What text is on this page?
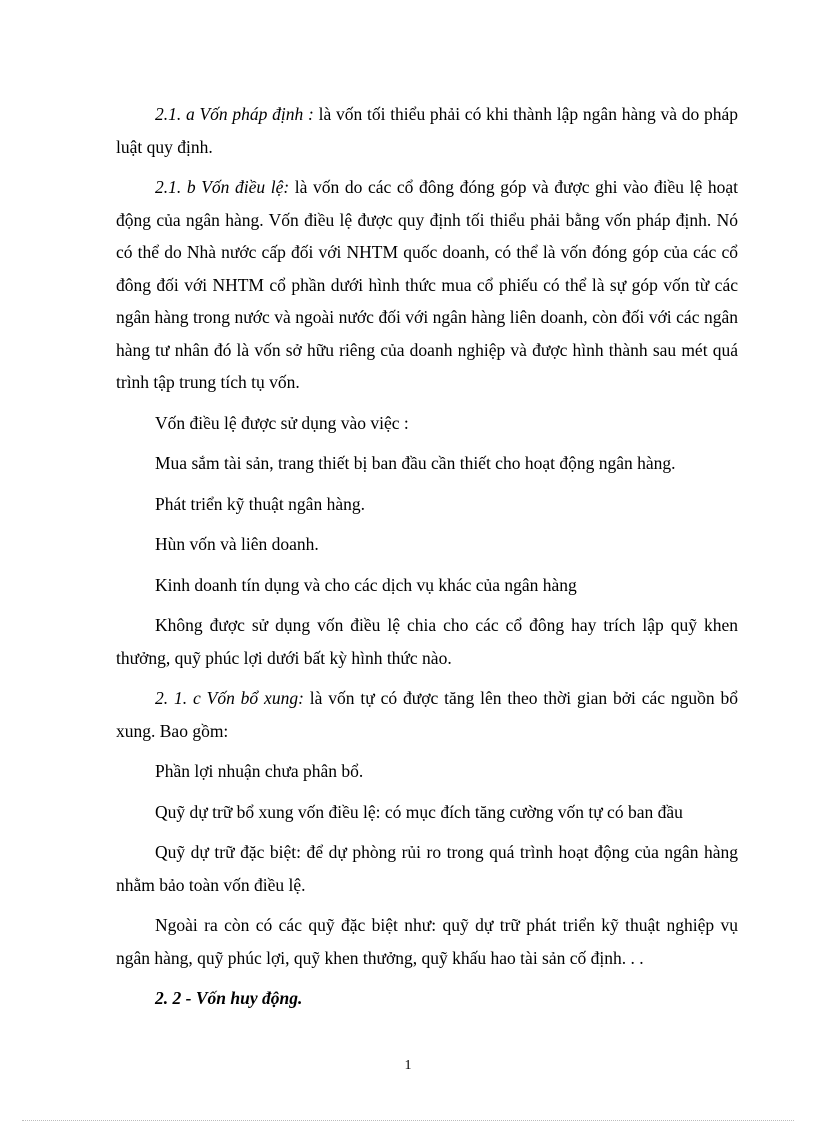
2.1. a Vốn pháp định : là vốn tối thiểu phải có khi thành lập ngân hàng và do pháp luật quy định.

2.1. b Vốn điều lệ: là vốn do các cổ đông đóng góp và được ghi vào điều lệ hoạt động của ngân hàng. Vốn điều lệ được quy định tối thiểu phải bằng vốn pháp định. Nó có thể do Nhà nước cấp đối với NHTM quốc doanh, có thể là vốn đóng góp của các cổ đông đối với NHTM cổ phần dưới hình thức mua cổ phiếu có thể là sự góp vốn từ các ngân hàng trong nước và ngoài nước đối với ngân hàng liên doanh, còn đối với các ngân hàng tư nhân đó là vốn sở hữu riêng của doanh nghiệp và được hình thành sau mét quá trình tập trung tích tụ vốn.

Vốn điều lệ được sử dụng vào việc :

Mua sắm tài sản, trang thiết bị ban đầu cần thiết cho hoạt động ngân hàng.

Phát triển kỹ thuật ngân hàng.

Hùn vốn và liên doanh.

Kinh doanh tín dụng và cho các dịch vụ khác của ngân hàng

Không được sử dụng vốn điều lệ chia cho các cổ đông hay trích lập quỹ khen thưởng, quỹ phúc lợi dưới bất kỳ hình thức nào.

2. 1. c Vốn bổ xung: là vốn tự có được tăng lên theo thời gian bởi các nguồn bổ xung. Bao gồm:

Phần lợi nhuận chưa phân bổ.

Quỹ dự trữ bổ xung vốn điều lệ: có mục đích tăng cường vốn tự có ban đầu

Quỹ dự trữ đặc biệt: để dự phòng rủi ro trong quá trình hoạt động của ngân hàng nhằm bảo toàn vốn điều lệ.

Ngoài ra còn có các quỹ đặc biệt như: quỹ dự trữ phát triển kỹ thuật nghiệp vụ ngân hàng, quỹ phúc lợi, quỹ khen thưởng, quỹ khấu hao tài sản cố định. . .

2. 2 - Vốn huy động.

1
